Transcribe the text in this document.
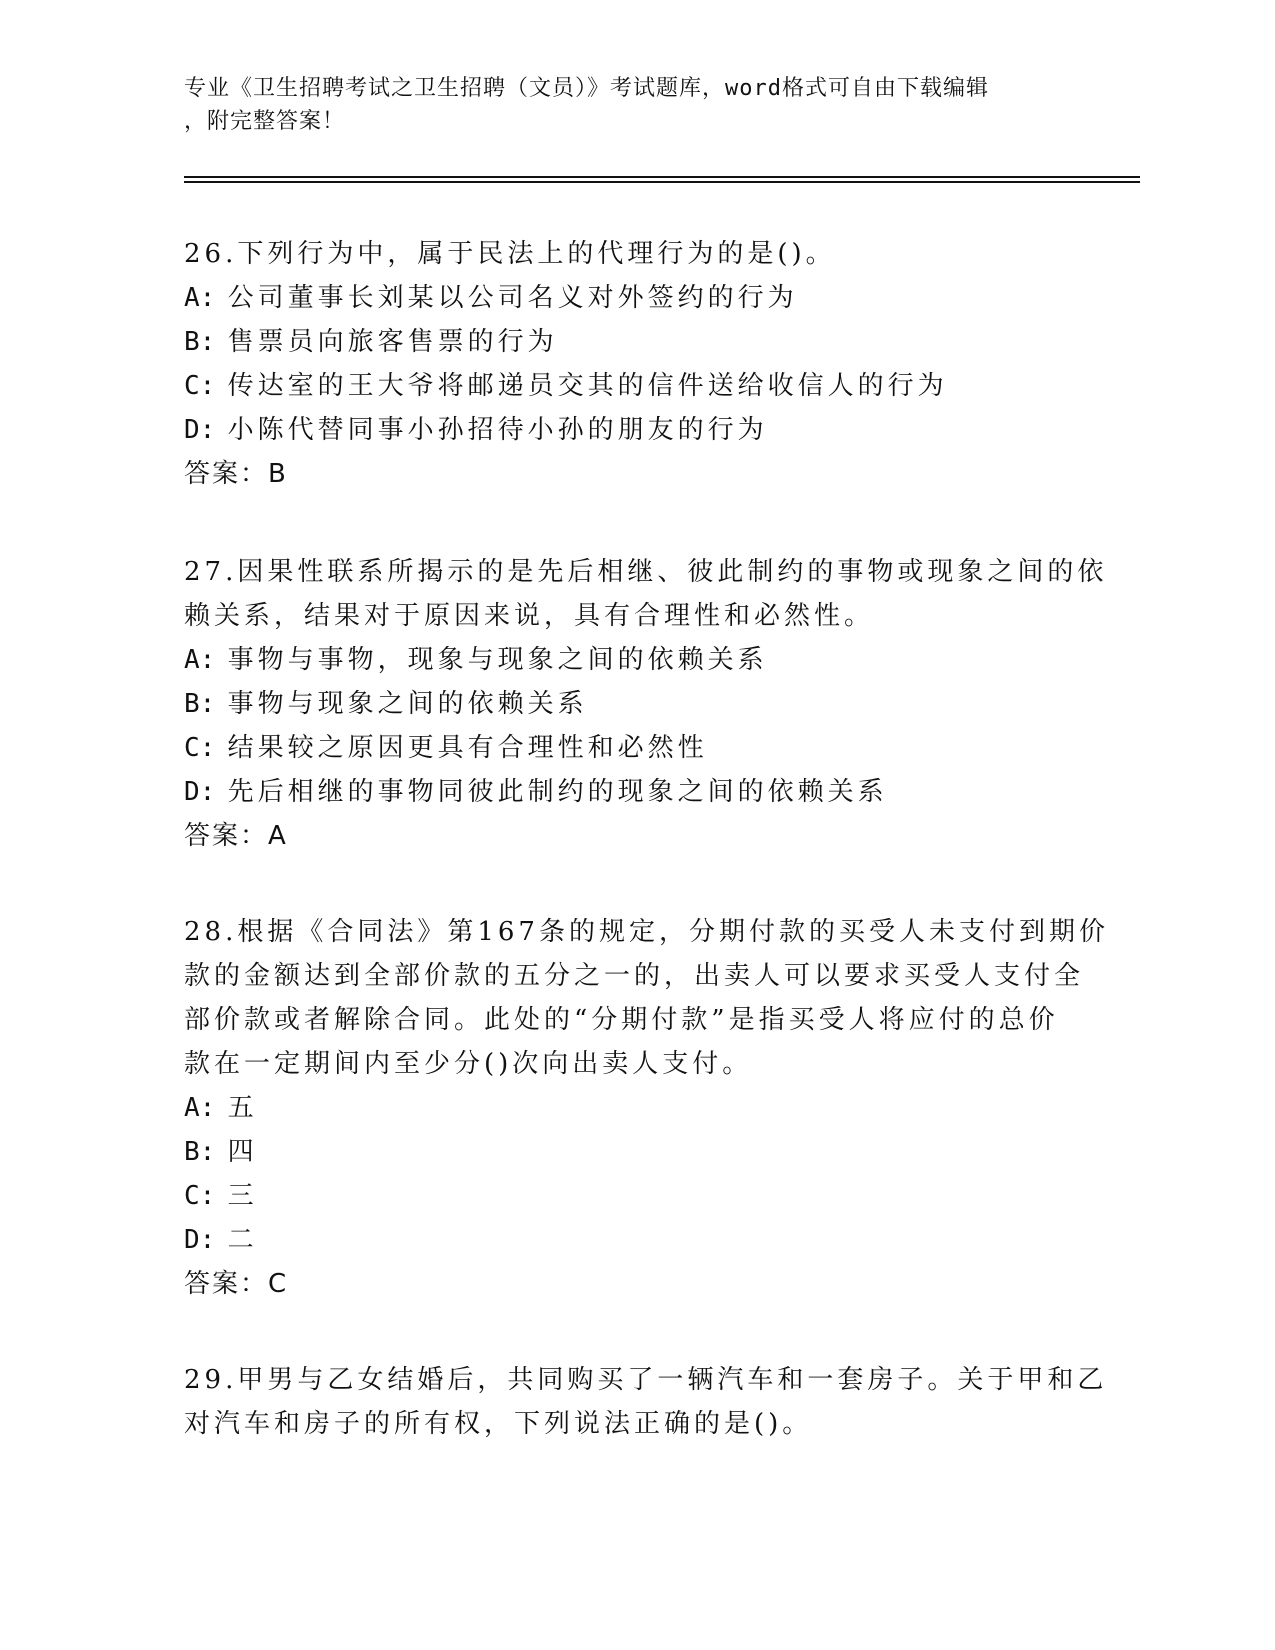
专业《卫生招聘考试之卫生招聘（文员）》考试题库，word格式可自由下载编辑
，附完整答案！
26.下列行为中，属于民法上的代理行为的是()。
A: 公司董事长刘某以公司名义对外签约的行为
B: 售票员向旅客售票的行为
C: 传达室的王大爷将邮递员交其的信件送给收信人的行为
D: 小陈代替同事小孙招待小孙的朋友的行为
答案：B
27.因果性联系所揭示的是先后相继、彼此制约的事物或现象之间的依
赖关系，结果对于原因来说，具有合理性和必然性。
A: 事物与事物，现象与现象之间的依赖关系
B: 事物与现象之间的依赖关系
C: 结果较之原因更具有合理性和必然性
D: 先后相继的事物同彼此制约的现象之间的依赖关系
答案：A
28.根据《合同法》第167条的规定，分期付款的买受人未支付到期价
款的金额达到全部价款的五分之一的，出卖人可以要求买受人支付全
部价款或者解除合同。此处的“分期付款”是指买受人将应付的总价
款在一定期间内至少分()次向出卖人支付。
A: 五
B: 四
C: 三
D: 二
答案：C
29.甲男与乙女结婚后，共同购买了一辆汽车和一套房子。关于甲和乙
对汽车和房子的所有权，下列说法正确的是()。
